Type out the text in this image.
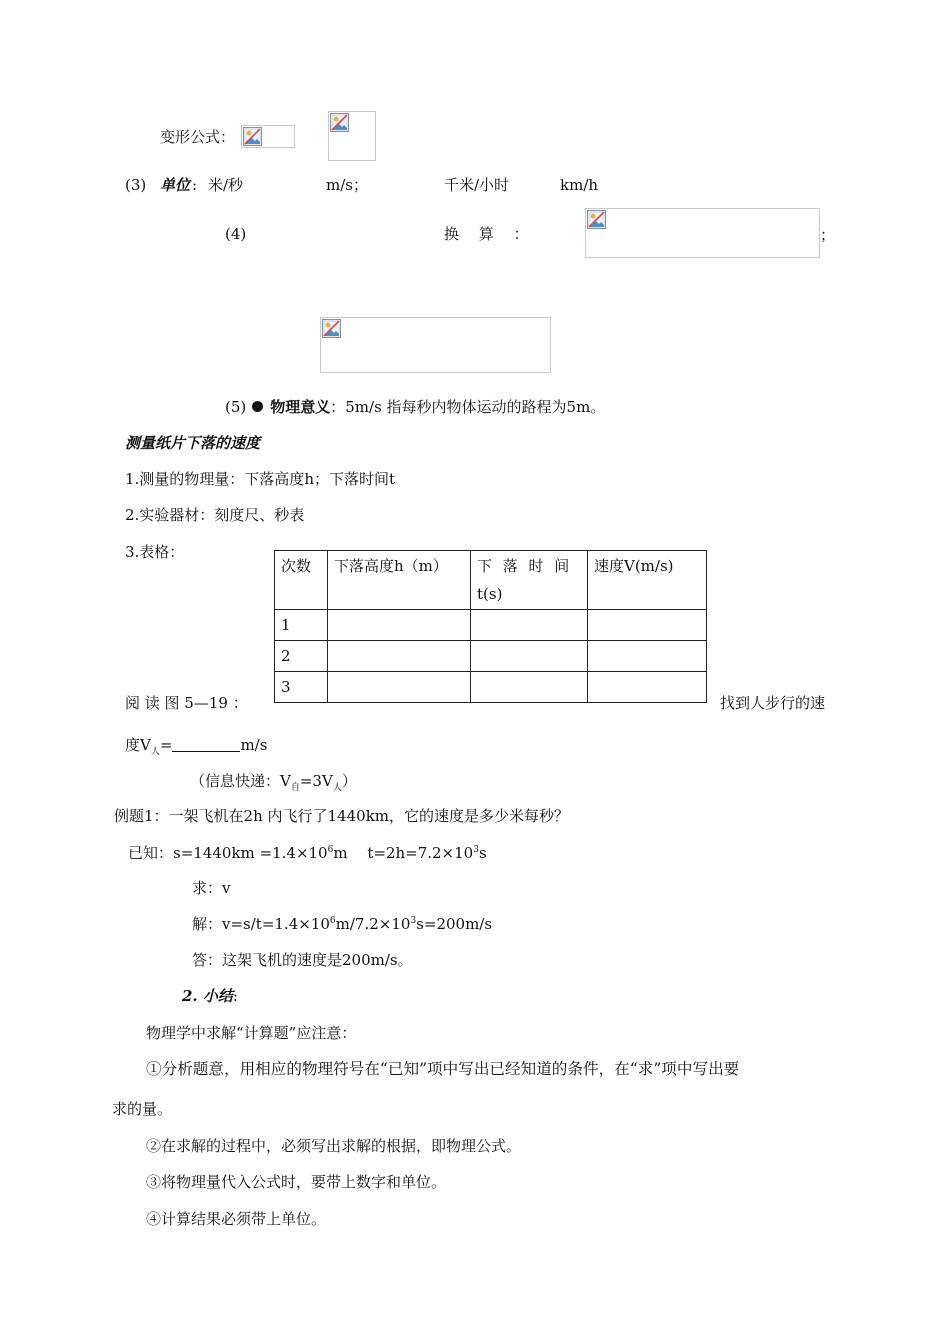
变形公式：
(3) 单位 : 米/秒	m/s；	千米/小时	km/h
(4)	换　 算　 ：	；
(5) 物理意义：5m/s 指每秒内物体运动的路程为5m。
测量纸片下落的速度
1.测量的物理量：下落高度h；下落时间t
2.实验器材：刻度尺、秒表
3.表格：
次数	下落高度h（m）	下 落 时 间 t(s)	速度V(m/s)
1			
2			
3			
阅 读 图 5—19 ：	找到人步行的速
度$V_人=$	m/s
（信息快递：$V_自=3V_人$）
例题1：一架飞机在2h 内飞行了1440km，它的速度是多少米每秒？
已知：$s=1440km =1.4\times 10^6m$　 $t=2h=7.2\times 10^3s$
求：v
解：$v=s/t=1.4\times 10^6m/7.2\times 10^3s=200m/s$
答：这架飞机的速度是200m/s。
2. 小结:
物理学中求解“计算题”应注意：
①分析题意，用相应的物理符号在“已知”项中写出已经知道的条件，在“求”项中写出要
求的量。
②在求解的过程中，必须写出求解的根据，即物理公式。
③将物理量代入公式时，要带上数字和单位。
④计算结果必须带上单位。
